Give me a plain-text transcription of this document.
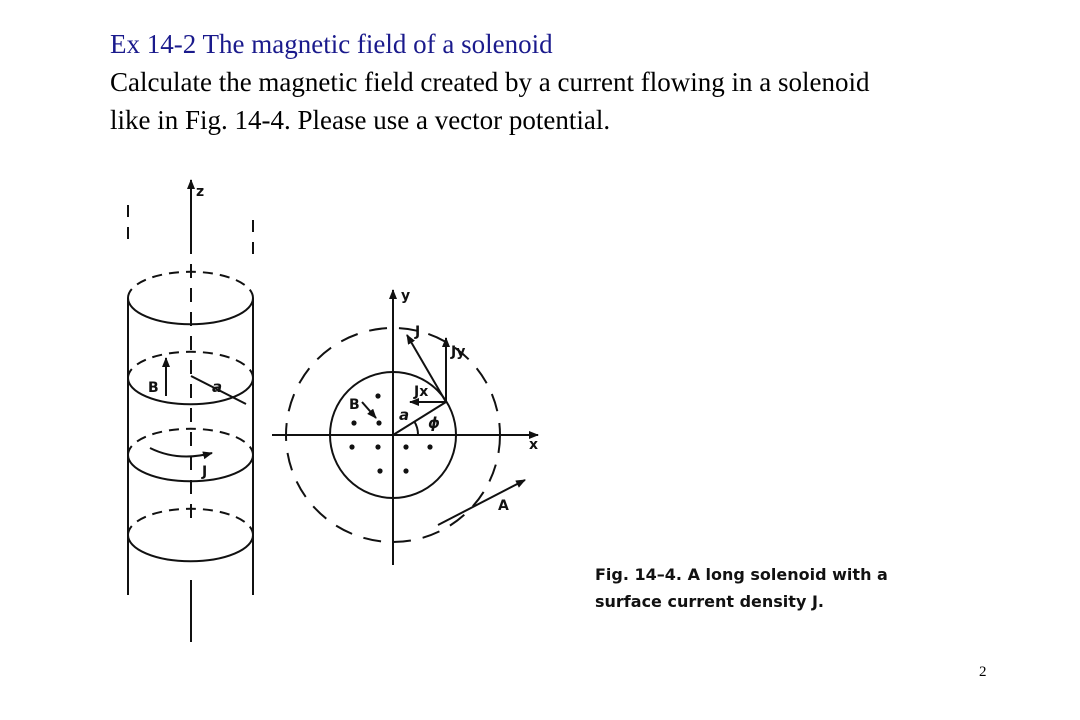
Ex 14-2 The magnetic field of a solenoid
Calculate the magnetic field created by a current flowing in a solenoid
like in Fig. 14-4. Please use a vector potential.
z
B	a
J
y
x
J
Jy
Jx
B
a ϕ
A
Fig. 14–4. A long solenoid with a
surface current density J.
2
